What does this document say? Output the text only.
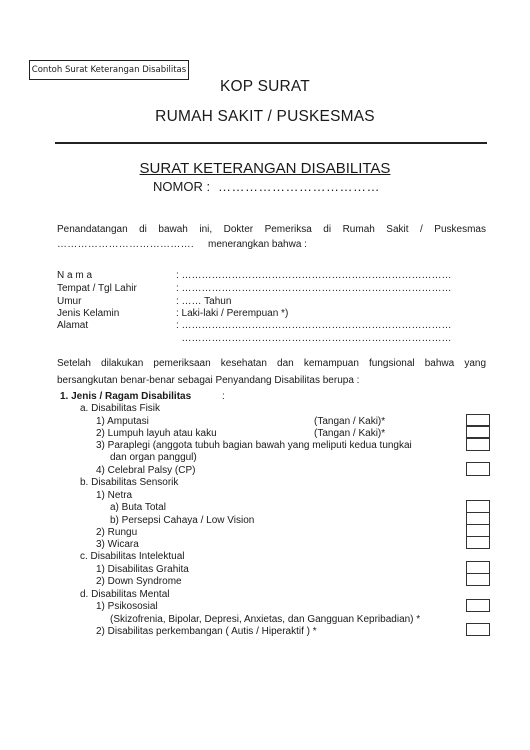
Contoh Surat Keterangan Disabilitas
KOP SURAT
RUMAH SAKIT / PUSKESMAS
SURAT KETERANGAN DISABILITAS
NOMOR : ………………………………
Penandatangan di bawah ini, Dokter Pemeriksa di Rumah Sakit / Puskesmas
…………………………………. menerangkan bahwa :
N a m a	: ………………………………………………………………………
Tempat / Tgl Lahir	: ………………………………………………………………………
Umur	: …… Tahun
Jenis Kelamin	: Laki-laki / Perempuan *)
Alamat	: ………………………………………………………………………
………………………………………………………………………
Setelah dilakukan pemeriksaan kesehatan dan kemampuan fungsional bahwa yang
bersangkutan benar-benar sebagai Penyandang Disabilitas berupa :
1. Jenis / Ragam Disabilitas	:
a. Disabilitas Fisik
1) Amputasi	(Tangan / Kaki)*
2) Lumpuh layuh atau kaku	(Tangan / Kaki)*
3) Paraplegi (anggota tubuh bagian bawah yang meliputi kedua tungkai
dan organ panggul)
4) Celebral Palsy (CP)
b. Disabilitas Sensorik
1) Netra
a) Buta Total
b) Persepsi Cahaya / Low Vision
2) Rungu
3) Wicara
c. Disabilitas Intelektual
1) Disabilitas Grahita
2) Down Syndrome
d. Disabilitas Mental
1) Psikososial
(Skizofrenia, Bipolar, Depresi, Anxietas, dan Gangguan Kepribadian) *
2) Disabilitas perkembangan ( Autis / Hiperaktif ) *
